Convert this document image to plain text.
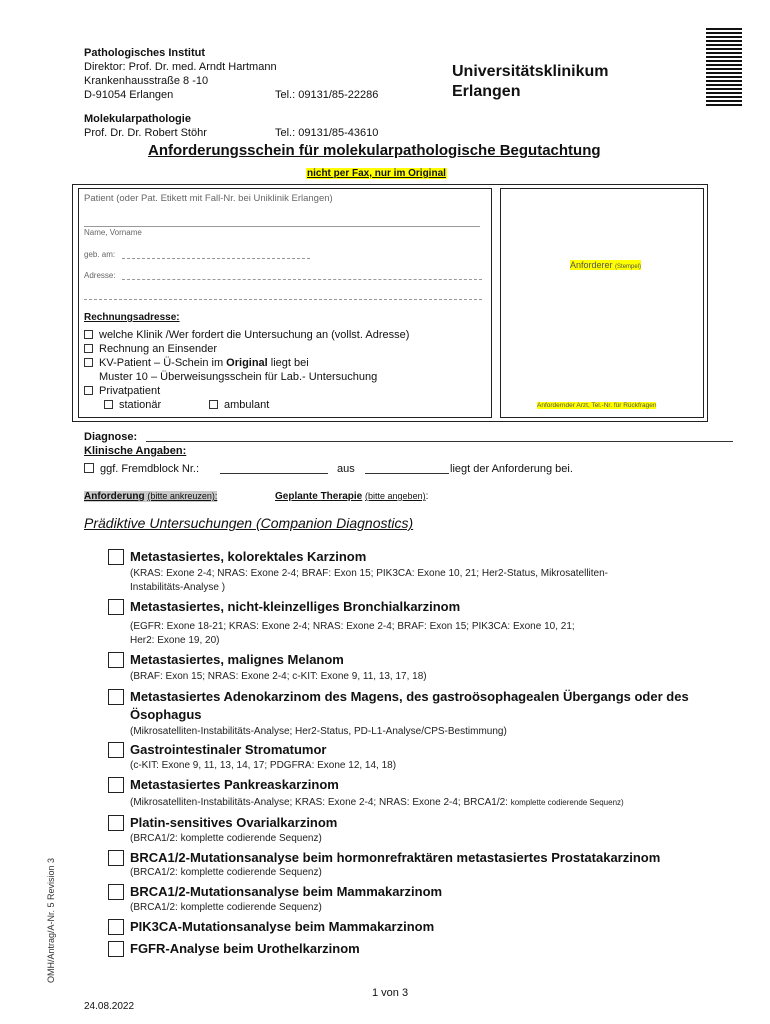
Pathologisches Institut
Direktor: Prof. Dr. med. Arndt Hartmann
Krankenhausstraße 8 -10
D-91054 Erlangen	Tel.: 09131/85-22286
Molekularpathologie
Prof. Dr. Dr. Robert Stöhr	Tel.: 09131/85-43610
Universitätsklinikum
Erlangen
Anforderungsschein für molekularpathologische Begutachtung
nicht per Fax, nur im Original
Patient (oder Pat. Etikett mit Fall-Nr. bei Uniklinik Erlangen)
Name, Vorname
geb. am:
Adresse:
Rechnungsadresse:
welche Klinik /Wer fordert die Untersuchung an (vollst. Adresse)
Rechnung an Einsender
KV-Patient – Ü-Schein im Original liegt bei
Muster 10 – Überweisungsschein für Lab.- Untersuchung
Privatpatient
stationär	ambulant
Anforderer (Stempel)
Anfordernder Arzt, Tel.-Nr. für Rückfragen
Diagnose:
Klinische Angaben:
ggf. Fremdblock Nr.:	aus	liegt der Anforderung bei.
Anforderung (bitte ankreuzen):	Geplante Therapie (bitte angeben):
Prädiktive Untersuchungen (Companion Diagnostics)
Metastasiertes, kolorektales Karzinom
(KRAS: Exone 2-4; NRAS: Exone 2-4; BRAF: Exon 15; PIK3CA: Exone 10, 21; Her2-Status, Mikrosatelliten-
Instabilitäts-Analyse )
Metastasiertes, nicht-kleinzelliges Bronchialkarzinom
(EGFR: Exone 18-21; KRAS: Exone 2-4; NRAS: Exone 2-4; BRAF: Exon 15; PIK3CA: Exone 10, 21;
Her2: Exone 19, 20)
Metastasiertes, malignes Melanom
(BRAF: Exon 15; NRAS: Exone 2-4; c-KIT: Exone 9, 11, 13, 17, 18)
Metastasiertes Adenokarzinom des Magens, des gastroösophagealen Übergangs oder des
Ösophagus
(Mikrosatelliten-Instabilitäts-Analyse; Her2-Status, PD-L1-Analyse/CPS-Bestimmung)
Gastrointestinaler Stromatumor
(c-KIT: Exone 9, 11, 13, 14, 17; PDGFRA: Exone 12, 14, 18)
Metastasiertes Pankreaskarzinom
(Mikrosatelliten-Instabilitäts-Analyse; KRAS: Exone 2-4; NRAS: Exone 2-4; BRCA1/2: komplette codierende Sequenz)
Platin-sensitives Ovarialkarzinom
(BRCA1/2: komplette codierende Sequenz)
BRCA1/2-Mutationsanalyse beim hormonrefraktären metastasiertes Prostatakarzinom
(BRCA1/2: komplette codierende Sequenz)
BRCA1/2-Mutationsanalyse beim Mammakarzinom
(BRCA1/2: komplette codierende Sequenz)
PIK3CA-Mutationsanalyse beim Mammakarzinom
FGFR-Analyse beim Urothelkarzinom
OMH/Antrag/A-Nr. 5 Revision 3
1 von 3
24.08.2022
